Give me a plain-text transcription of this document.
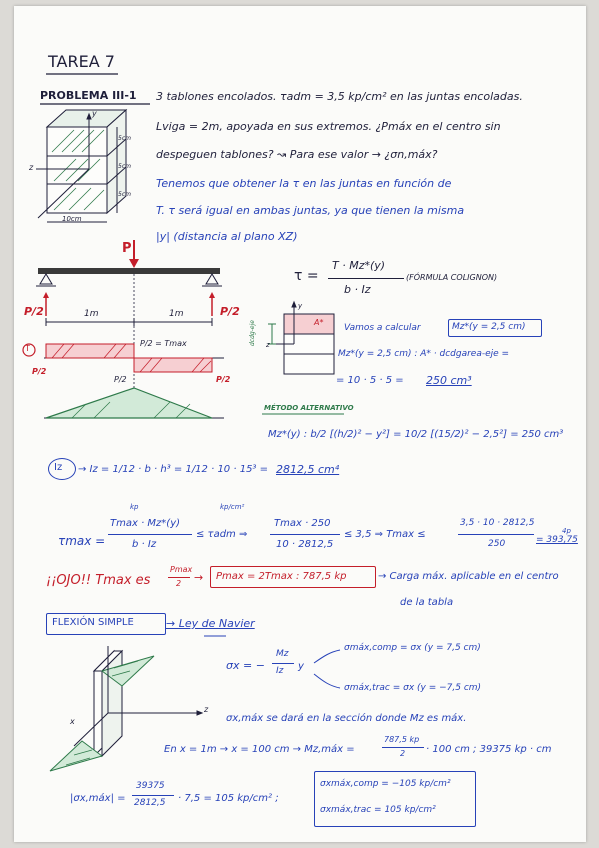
TAREA 7
PROBLEMA III-1 3 tablones encolados. τadm = 3,5 kp/cm² en las juntas encoladas.
Lviga = 2m, apoyada en sus extremos. ¿Pmáx en el centro sin
despeguen tablones? ↝ Para ese valor → ¿σn,máx?
Tenemos que obtener la τ en las juntas en función de
T. τ será igual en ambas juntas, ya que tienen la misma
|y| (distancia al plano XZ)
y
z
10cm
5cm
5cm
5cm
P
P/2	P/2
1m	1m
T
P/2 = Tmax
P/2
P/2
P/2
τ =
T · Mz*(y)
b · Iz
(FÓRMULA COLIGNON)
Vamos a calcular	Mz*(y = 2,5 cm)
Mz*(y = 2,5 cm) : A* · dcdgarea-eje =
= 10 · 5 · 5 = 250 cm³
y
z
A*
dcdg-eje
MÉTODO ALTERNATIVO
Mz*(y) : b/2 [(h/2)² − y²] = 10/2 [(15/2)² − 2,5²] = 250 cm³
Iz → Iz = 1/12 · b · h³ = 1/12 · 10 · 15³ = 2812,5 cm⁴
kp	kp/cm²
4p
τmax =
Tmax · Mz*(y)
b · Iz
≤ τadm ⇒
Tmax · 250
10 · 2812,5
≤ 3,5 ⇒ Tmax ≤
3,5 · 10 · 2812,5
250	= 393,75
¡¡OJO!! Tmax es
Pmax
2 → Pmax = 2Tmax : 787,5 kp	→ Carga máx. aplicable en el centro
de la tabla
FLEXIÓN SIMPLE	→ Ley de Navier
σx = −
Mz
Iz y
σmáx,comp = σx (y = 7,5 cm)
σmáx,trac = σx (y = −7,5 cm)
z
x	σx,máx se dará en la sección donde Mz es máx.
En x = 1m → x = 100 cm → Mz,máx =
787,5 kp
2 · 100 cm ; 39375 kp · cm
|σx,máx| =
39375
2812,5 · 7,5 = 105 kp/cm² ;
σxmáx,comp = −105 kp/cm²
σxmáx,trac = 105 kp/cm²
